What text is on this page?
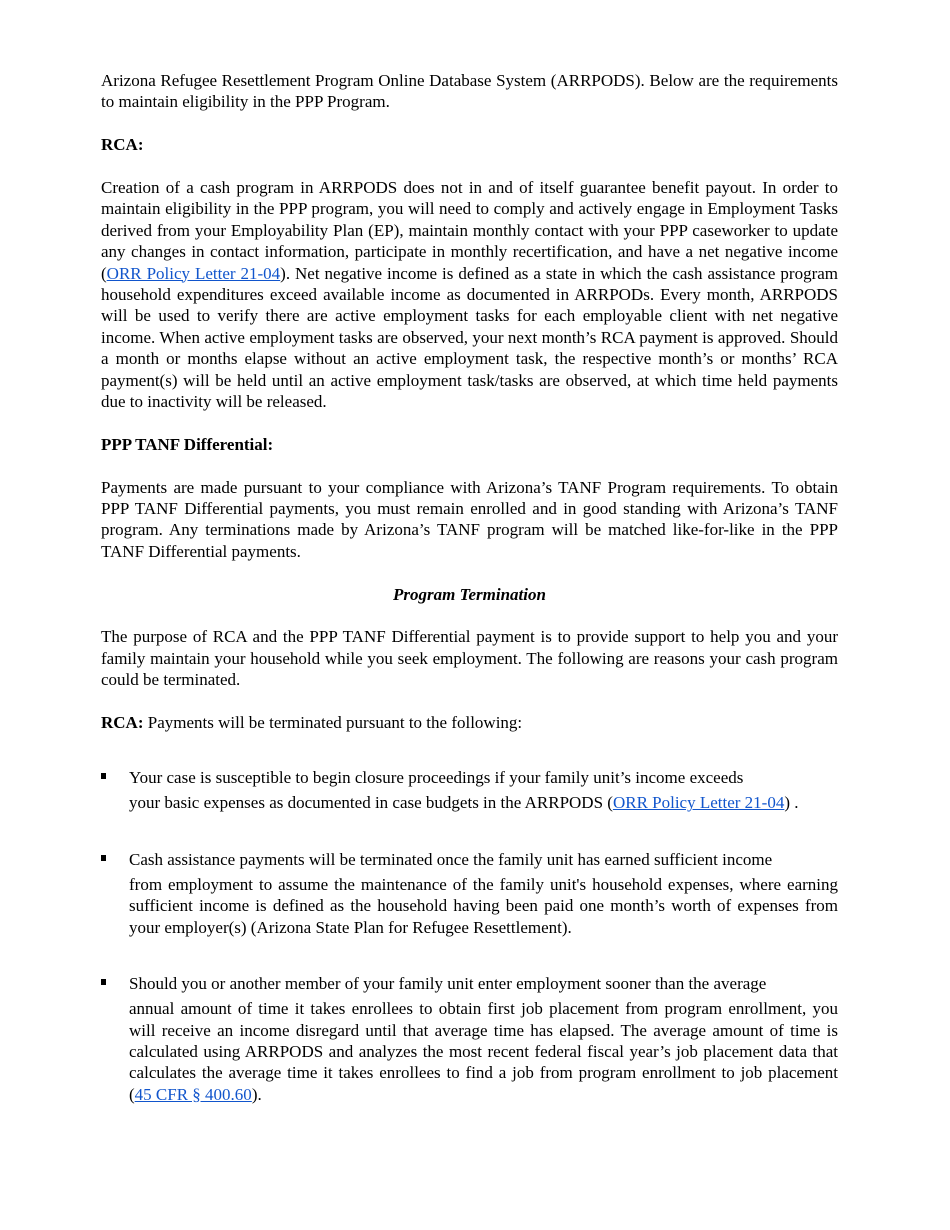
Arizona Refugee Resettlement Program Online Database System (ARRPODS). Below are the requirements to maintain eligibility in the PPP Program.

RCA:

Creation of a cash program in ARRPODS does not in and of itself guarantee benefit payout. In order to maintain eligibility in the PPP program, you will need to comply and actively engage in Employment Tasks derived from your Employability Plan (EP), maintain monthly contact with your PPP caseworker to update any changes in contact information, participate in monthly recertification, and have a net negative income (ORR Policy Letter 21-04). Net negative income is defined as a state in which the cash assistance program household expenditures exceed available income as documented in ARRPODs. Every month, ARRPODS will be used to verify there are active employment tasks for each employable client with net negative income. When active employment tasks are observed, your next month’s RCA payment is approved. Should a month or months elapse without an active employment task, the respective month’s or months’ RCA payment(s) will be held until an active employment task/tasks are observed, at which time held payments due to inactivity will be released.

PPP TANF Differential:

Payments are made pursuant to your compliance with Arizona’s TANF Program requirements. To obtain PPP TANF Differential payments, you must remain enrolled and in good standing with Arizona’s TANF program. Any terminations made by Arizona’s TANF program will be matched like-for-like in the PPP TANF Differential payments.

Program Termination

The purpose of RCA and the PPP TANF Differential payment is to provide support to help you and your family maintain your household while you seek employment. The following are reasons your cash program could be terminated.

RCA: Payments will be terminated pursuant to the following:

Your case is susceptible to begin closure proceedings if your family unit’s income exceeds
your basic expenses as documented in case budgets in the ARRPODS (ORR Policy Letter 21-04) .
Cash assistance payments will be terminated once the family unit has earned sufficient income
from employment to assume the maintenance of the family unit's household expenses, where earning sufficient income is defined as the household having been paid one month’s worth of expenses from your employer(s) (Arizona State Plan for Refugee Resettlement).
Should you or another member of your family unit enter employment sooner than the average
annual amount of time it takes enrollees to obtain first job placement from program enrollment, you will receive an income disregard until that average time has elapsed. The average amount of time is calculated using ARRPODS and analyzes the most recent federal fiscal year’s job placement data that calculates the average time it takes enrollees to find a job from program enrollment to job placement (45 CFR § 400.60).
